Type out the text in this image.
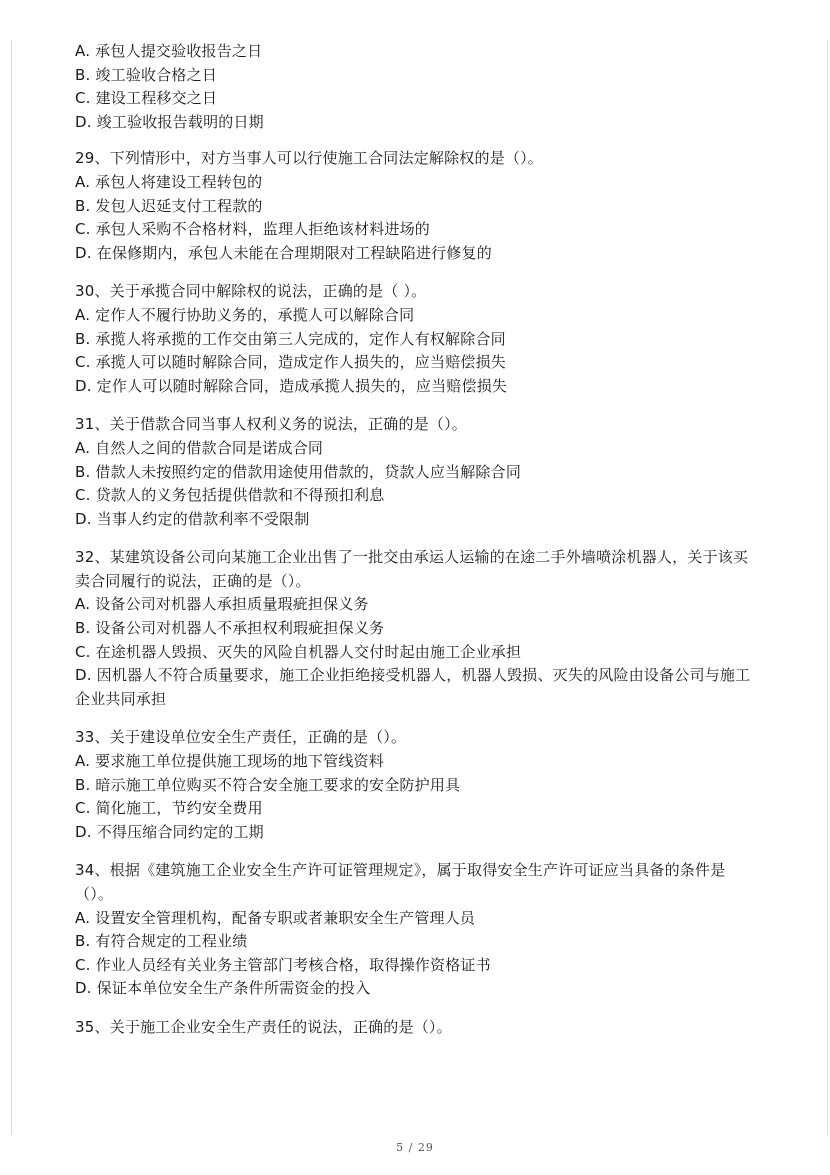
A. 承包人提交验收报告之日
B. 竣工验收合格之日
C. 建设工程移交之日
D. 竣工验收报告载明的日期
29、下列情形中，对方当事人可以行使施工合同法定解除权的是（）。
A. 承包人将建设工程转包的
B. 发包人迟延支付工程款的
C. 承包人采购不合格材料，监理人拒绝该材料进场的
D. 在保修期内，承包人未能在合理期限对工程缺陷进行修复的
30、关于承揽合同中解除权的说法，正确的是（ ）。
A. 定作人不履行协助义务的，承揽人可以解除合同
B. 承揽人将承揽的工作交由第三人完成的，定作人有权解除合同
C. 承揽人可以随时解除合同，造成定作人损失的，应当赔偿损失
D. 定作人可以随时解除合同，造成承揽人损失的，应当赔偿损失
31、关于借款合同当事人权利义务的说法，正确的是（）。
A. 自然人之间的借款合同是诺成合同
B. 借款人未按照约定的借款用途使用借款的，贷款人应当解除合同
C. 贷款人的义务包括提供借款和不得预扣利息
D. 当事人约定的借款利率不受限制
32、某建筑设备公司向某施工企业出售了一批交由承运人运输的在途二手外墙喷涂机器人，关于该买卖合同履行的说法，正确的是（）。
A. 设备公司对机器人承担质量瑕疵担保义务
B. 设备公司对机器人不承担权利瑕疵担保义务
C. 在途机器人毁损、灭失的风险自机器人交付时起由施工企业承担
D. 因机器人不符合质量要求，施工企业拒绝接受机器人，机器人毁损、灭失的风险由设备公司与施工企业共同承担
33、关于建设单位安全生产责任，正确的是（）。
A. 要求施工单位提供施工现场的地下管线资料
B. 暗示施工单位购买不符合安全施工要求的安全防护用具
C. 简化施工，节约安全费用
D. 不得压缩合同约定的工期
34、根据《建筑施工企业安全生产许可证管理规定》，属于取得安全生产许可证应当具备的条件是（）。
A. 设置安全管理机构，配备专职或者兼职安全生产管理人员
B. 有符合规定的工程业绩
C. 作业人员经有关业务主管部门考核合格，取得操作资格证书
D. 保证本单位安全生产条件所需资金的投入
35、关于施工企业安全生产责任的说法，正确的是（）。
5 / 29
